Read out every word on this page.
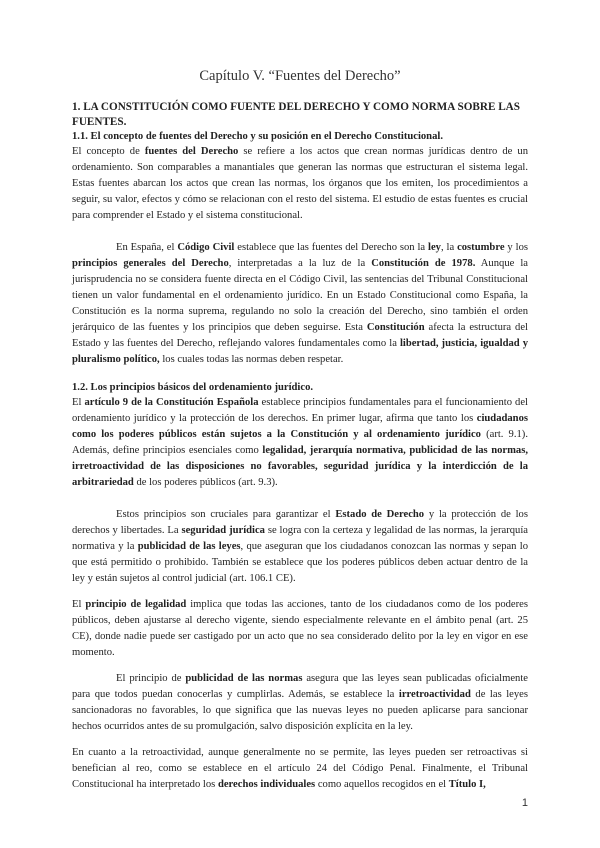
Capítulo V. “Fuentes del Derecho”

1. LA CONSTITUCIÓN COMO FUENTE DEL DERECHO Y COMO NORMA SOBRE LAS FUENTES.

1.1. El concepto de fuentes del Derecho y su posición en el Derecho Constitucional.

El concepto de fuentes del Derecho se refiere a los actos que crean normas jurídicas dentro de un ordenamiento. Son comparables a manantiales que generan las normas que estructuran el sistema legal. Estas fuentes abarcan los actos que crean las normas, los órganos que los emiten, los procedimientos a seguir, su valor, efectos y cómo se relacionan con el resto del sistema. El estudio de estas fuentes es crucial para comprender el Estado y el sistema constitucional.

En España, el Código Civil establece que las fuentes del Derecho son la ley, la costumbre y los principios generales del Derecho, interpretadas a la luz de la Constitución de 1978. Aunque la jurisprudencia no se considera fuente directa en el Código Civil, las sentencias del Tribunal Constitucional tienen un valor fundamental en el ordenamiento jurídico. En un Estado Constitucional como España, la Constitución es la norma suprema, regulando no solo la creación del Derecho, sino también el orden jerárquico de las fuentes y los principios que deben seguirse. Esta Constitución afecta la estructura del Estado y las fuentes del Derecho, reflejando valores fundamentales como la libertad, justicia, igualdad y pluralismo político, los cuales todas las normas deben respetar.

1.2. Los principios básicos del ordenamiento jurídico.

El artículo 9 de la Constitución Española establece principios fundamentales para el funcionamiento del ordenamiento jurídico y la protección de los derechos. En primer lugar, afirma que tanto los ciudadanos como los poderes públicos están sujetos a la Constitución y al ordenamiento jurídico (art. 9.1). Además, define principios esenciales como legalidad, jerarquía normativa, publicidad de las normas, irretroactividad de las disposiciones no favorables, seguridad jurídica y la interdicción de la arbitrariedad de los poderes públicos (art. 9.3).

Estos principios son cruciales para garantizar el Estado de Derecho y la protección de los derechos y libertades. La seguridad jurídica se logra con la certeza y legalidad de las normas, la jerarquía normativa y la publicidad de las leyes, que aseguran que los ciudadanos conozcan las normas y sepan lo que está permitido o prohibido. También se establece que los poderes públicos deben actuar dentro de la ley y están sujetos al control judicial (art. 106.1 CE).

El principio de legalidad implica que todas las acciones, tanto de los ciudadanos como de los poderes públicos, deben ajustarse al derecho vigente, siendo especialmente relevante en el ámbito penal (art. 25 CE), donde nadie puede ser castigado por un acto que no sea considerado delito por la ley en vigor en ese momento.

El principio de publicidad de las normas asegura que las leyes sean publicadas oficialmente para que todos puedan conocerlas y cumplirlas. Además, se establece la irretroactividad de las leyes sancionadoras no favorables, lo que significa que las nuevas leyes no pueden aplicarse para sancionar hechos ocurridos antes de su promulgación, salvo disposición explícita en la ley.

En cuanto a la retroactividad, aunque generalmente no se permite, las leyes pueden ser retroactivas si benefician al reo, como se establece en el artículo 24 del Código Penal. Finalmente, el Tribunal Constitucional ha interpretado los derechos individuales como aquellos recogidos en el Título I,

1
